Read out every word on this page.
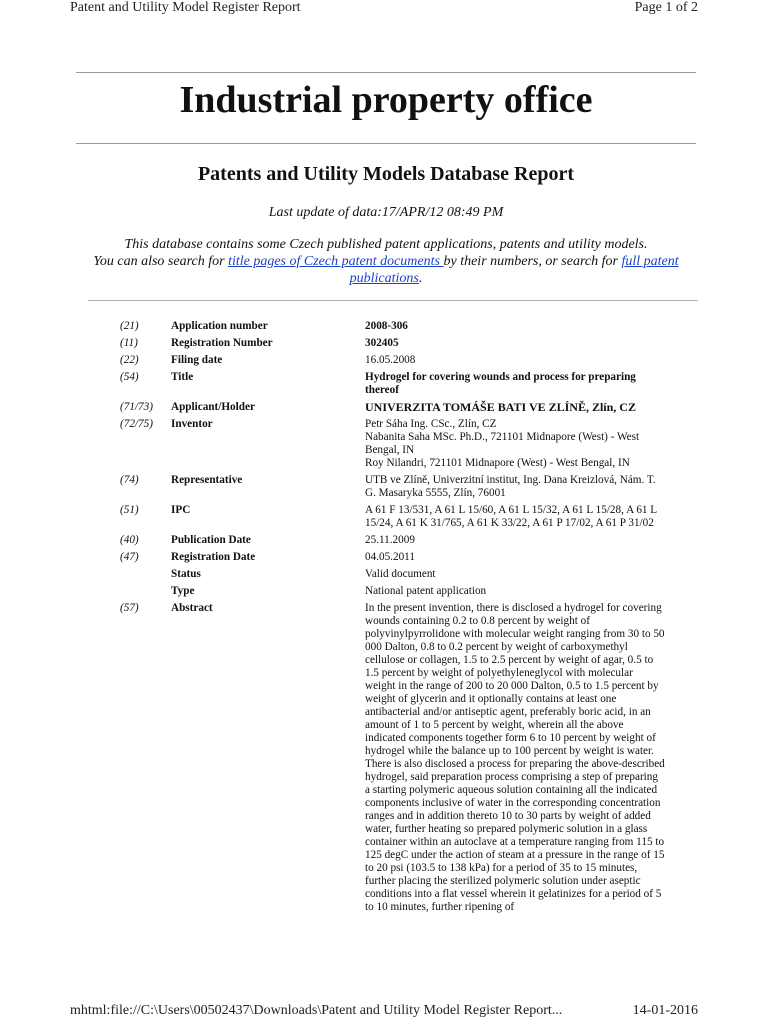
Patent and Utility Model Register Report	Page 1 of 2
Industrial property office
Patents and Utility Models Database Report
Last update of data:17/APR/12 08:49 PM
This database contains some Czech published patent applications, patents and utility models.
You can also search for title pages of Czech patent documents by their numbers, or search for full patent publications.
(21)	Application number	2008-306
(11)	Registration Number	302405
(22)	Filing date	16.05.2008
(54)	Title	Hydrogel for covering wounds and process for preparing thereof
(71/73) Applicant/Holder	UNIVERZITA TOMÁŠE BATI VE ZLÍNĚ, Zlín, CZ
(72/75) Inventor	Petr Sáha Ing. CSc., Zlín, CZ
Nabanita Saha MSc. Ph.D., 721101 Midnapore (West) - West Bengal, IN
Roy Nilandri, 721101 Midnapore (West) - West Bengal, IN
(74)	Representative	UTB ve Zlíně, Univerzitní institut, Ing. Dana Kreizlová, Nám. T. G. Masaryka 5555, Zlín, 76001
(51)	IPC	A 61 F 13/531, A 61 L 15/60, A 61 L 15/32, A 61 L 15/28, A 61 L 15/24, A 61 K 31/765, A 61 K 33/22, A 61 P 17/02, A 61 P 31/02
(40)	Publication Date	25.11.2009
(47)	Registration Date	04.05.2011
Status	Valid document
Type	National patent application
(57)	Abstract	In the present invention, there is disclosed a hydrogel for covering wounds containing 0.2 to 0.8 percent by weight of polyvinylpyrrolidone with molecular weight ranging from 30 to 50 000 Dalton, 0.8 to 0.2 percent by weight of carboxymethyl cellulose or collagen, 1.5 to 2.5 percent by weight of agar, 0.5 to 1.5 percent by weight of polyethyleneglycol with molecular weight in the range of 200 to 20 000 Dalton, 0.5 to 1.5 percent by weight of glycerin and it optionally contains at least one antibacterial and/or antiseptic agent, preferably boric acid, in an amount of 1 to 5 percent by weight, wherein all the above indicated components together form 6 to 10 percent by weight of hydrogel while the balance up to 100 percent by weight is water. There is also disclosed a process for preparing the above-described hydrogel, said preparation process comprising a step of preparing a starting polymeric aqueous solution containing all the indicated components inclusive of water in the corresponding concentration ranges and in addition thereto 10 to 30 parts by weight of added water, further heating so prepared polymeric solution in a glass container within an autoclave at a temperature ranging from 115 to 125 degC under the action of steam at a pressure in the range of 15 to 20 psi (103.5 to 138 kPa) for a period of 35 to 15 minutes, further placing the sterilized polymeric solution under aseptic conditions into a flat vessel wherein it gelatinizes for a period of 5 to 10 minutes, further ripening of
mhtml:file://C:\Users\00502437\Downloads\Patent and Utility Model Register Report...	14-01-2016
